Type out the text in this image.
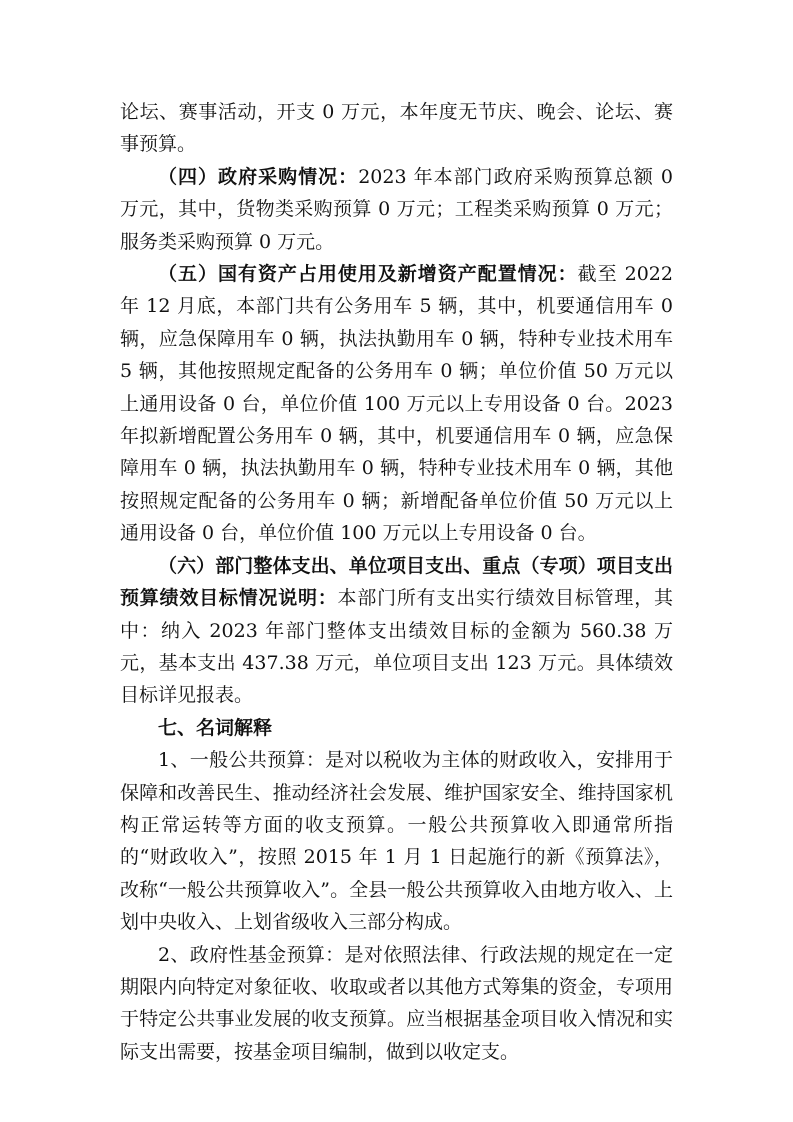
论坛、赛事活动，开支 0 万元，本年度无节庆、晚会、论坛、赛事预算。

（四）政府采购情况：2023 年本部门政府采购预算总额 0 万元，其中，货物类采购预算 0 万元；工程类采购预算 0 万元；服务类采购预算 0 万元。

（五）国有资产占用使用及新增资产配置情况：截至 2022 年 12 月底，本部门共有公务用车 5 辆，其中，机要通信用车 0 辆，应急保障用车 0 辆，执法执勤用车 0 辆，特种专业技术用车 5 辆，其他按照规定配备的公务用车 0 辆；单位价值 50 万元以上通用设备 0 台，单位价值 100 万元以上专用设备 0 台。2023 年拟新增配置公务用车 0 辆，其中，机要通信用车 0 辆，应急保障用车 0 辆，执法执勤用车 0 辆，特种专业技术用车 0 辆，其他按照规定配备的公务用车 0 辆；新增配备单位价值 50 万元以上通用设备 0 台，单位价值 100 万元以上专用设备 0 台。

（六）部门整体支出、单位项目支出、重点（专项）项目支出预算绩效目标情况说明：本部门所有支出实行绩效目标管理，其中：纳入 2023 年部门整体支出绩效目标的金额为 560.38 万元，基本支出 437.38 万元，单位项目支出 123 万元。具体绩效目标详见报表。

七、名词解释

1、一般公共预算：是对以税收为主体的财政收入，安排用于保障和改善民生、推动经济社会发展、维护国家安全、维持国家机构正常运转等方面的收支预算。一般公共预算收入即通常所指的“财政收入”，按照 2015 年 1 月 1 日起施行的新《预算法》，改称“一般公共预算收入”。全县一般公共预算收入由地方收入、上划中央收入、上划省级收入三部分构成。

2、政府性基金预算：是对依照法律、行政法规的规定在一定期限内向特定对象征收、收取或者以其他方式筹集的资金，专项用于特定公共事业发展的收支预算。应当根据基金项目收入情况和实际支出需要，按基金项目编制，做到以收定支。
